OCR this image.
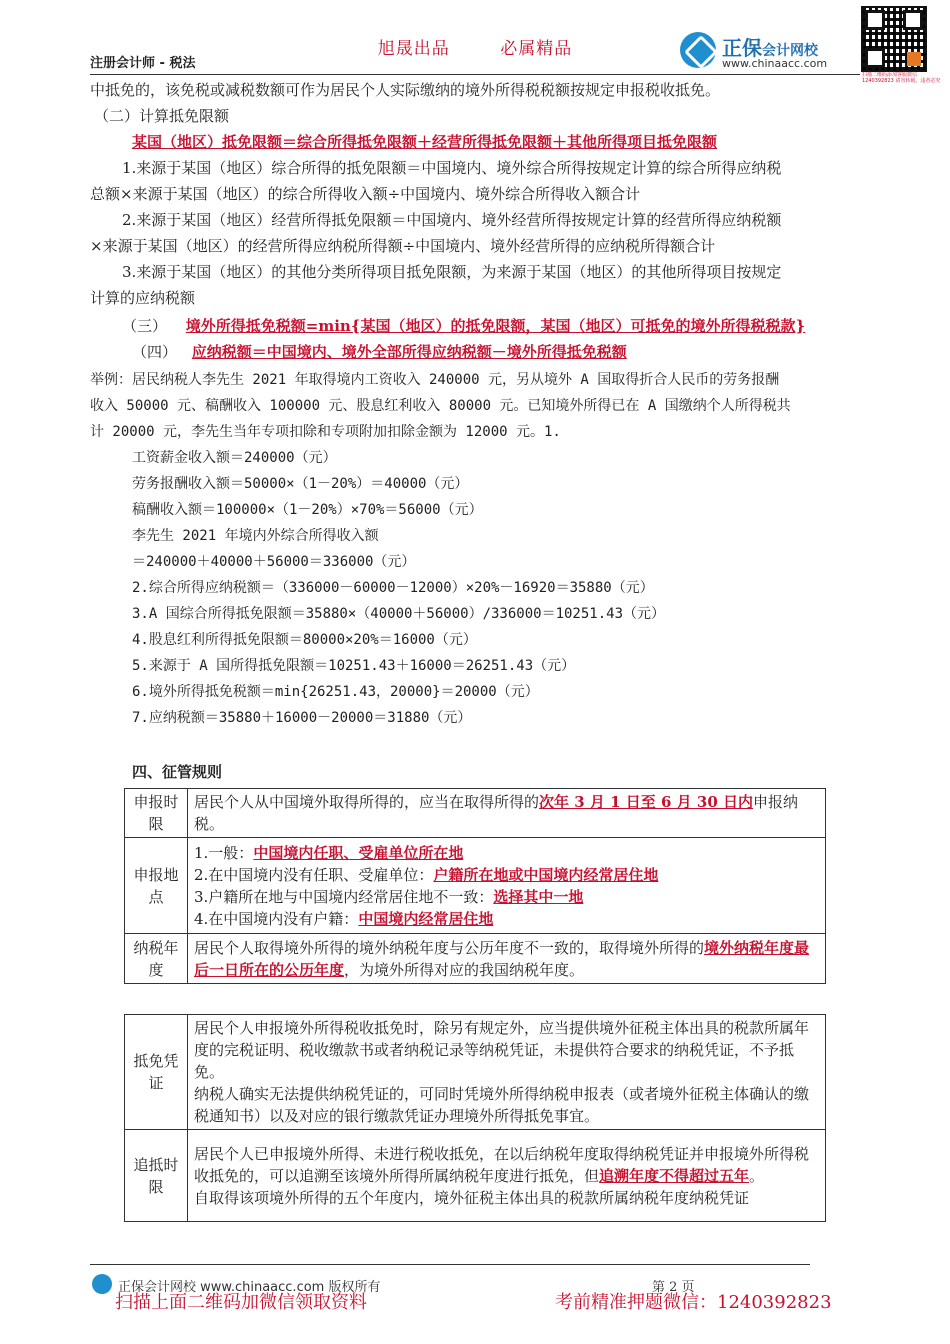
旭晟出品	必属精品
注册会计师 - 税法
正保会计网校
www.chinaacc.com
扫描二维码添加客服微信 1240392823 请勿转载，违者必究
中抵免的，该免税或减税数额可作为居民个人实际缴纳的境外所得税税额按规定申报税收抵免。
（二）计算抵免限额
某国（地区）抵免限额＝综合所得抵免限额＋经营所得抵免限额＋其他所得项目抵免限额
1.来源于某国（地区）综合所得的抵免限额＝中国境内、境外综合所得按规定计算的综合所得应纳税
总额×来源于某国（地区）的综合所得收入额÷中国境内、境外综合所得收入额合计
2.来源于某国（地区）经营所得抵免限额＝中国境内、境外经营所得按规定计算的经营所得应纳税额
×来源于某国（地区）的经营所得应纳税所得额÷中国境内、境外经营所得的应纳税所得额合计
3.来源于某国（地区）的其他分类所得项目抵免限额，为来源于某国（地区）的其他所得项目按规定
计算的应纳税额
（三） 境外所得抵免税额=min{某国（地区）的抵免限额，某国（地区）可抵免的境外所得税税款}
（四） 应纳税额＝中国境内、境外全部所得应纳税额－境外所得抵免税额
举例：居民纳税人李先生 2021 年取得境内工资收入 240000 元，另从境外 A 国取得折合人民币的劳务报酬
收入 50000 元、稿酬收入 100000 元、股息红利收入 80000 元。已知境外所得已在 A 国缴纳个人所得税共
计 20000 元，李先生当年专项扣除和专项附加扣除金额为 12000 元。1.
工资薪金收入额＝240000（元）
劳务报酬收入额＝50000×（1－20%）＝40000（元）
稿酬收入额＝100000×（1－20%）×70%＝56000（元）
李先生 2021 年境内外综合所得收入额
＝240000＋40000＋56000＝336000（元）
2.综合所得应纳税额＝（336000－60000－12000）×20%－16920＝35880（元）
3.A 国综合所得抵免限额＝35880×（40000＋56000）/336000＝10251.43（元）
4.股息红利所得抵免限额＝80000×20%＝16000（元）
5.来源于 A 国所得抵免限额＝10251.43＋16000＝26251.43（元）
6.境外所得抵免税额＝min{26251.43，20000}＝20000（元）
7.应纳税额＝35880＋16000－20000＝31880（元）
四、征管规则
申报时限	居民个人从中国境外取得所得的，应当在取得所得的次年 3 月 1 日至 6 月 30 日内申报纳税。
申报地点	1.一般：中国境内任职、受雇单位所在地
2.在中国境内没有任职、受雇单位：户籍所在地或中国境内经常居住地
3.户籍所在地与中国境内经常居住地不一致：选择其中一地
4.在中国境内没有户籍：中国境内经常居住地

纳税年度	居民个人取得境外所得的境外纳税年度与公历年度不一致的，取得境外所得的境外纳税年度最后一日所在的公历年度，为境外所得对应的我国纳税年度。
抵免凭证	居民个人申报境外所得税收抵免时，除另有规定外，应当提供境外征税主体出具的税款所属年度的完税证明、税收缴款书或者纳税记录等纳税凭证，未提供符合要求的纳税凭证，不予抵免。
纳税人确实无法提供纳税凭证的，可同时凭境外所得纳税申报表（或者境外征税主体确认的缴税通知书）以及对应的银行缴款凭证办理境外所得抵免事宜。

追抵时限	居民个人已申报境外所得、未进行税收抵免，在以后纳税年度取得纳税凭证并申报境外所得税收抵免的，可以追溯至该境外所得所属纳税年度进行抵免，但追溯年度不得超过五年。
自取得该项境外所得的五个年度内，境外征税主体出具的税款所属纳税年度纳税凭证
正保会计网校 www.chinaacc.com 版权所有	第 2 页
扫描上面二维码加微信领取资料	考前精准押题微信：1240392823
